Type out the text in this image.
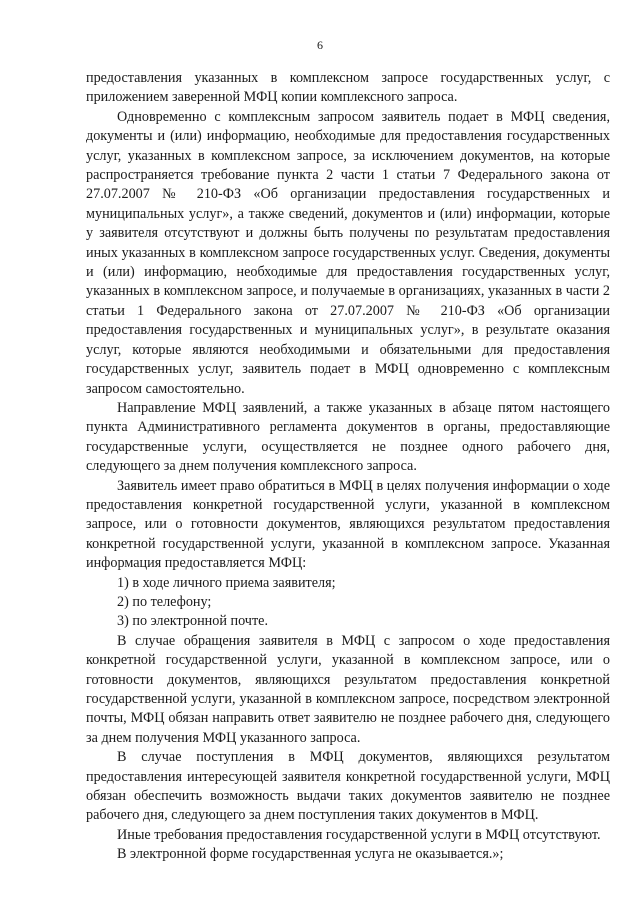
6

предоставления указанных в комплексном запросе государственных услуг, с приложением заверенной МФЦ копии комплексного запроса.

Одновременно с комплексным запросом заявитель подает в МФЦ сведения, документы и (или) информацию, необходимые для предоставления государственных услуг, указанных в комплексном запросе, за исключением документов, на которые распространяется требование пункта 2 части 1 статьи 7 Федерального закона от 27.07.2007 № 210-ФЗ «Об организации предоставления государственных и муниципальных услуг», а также сведений, документов и (или) информации, которые у заявителя отсутствуют и должны быть получены по результатам предоставления иных указанных в комплексном запросе государственных услуг. Сведения, документы и (или) информацию, необходимые для предоставления государственных услуг, указанных в комплексном запросе, и получаемые в организациях, указанных в части 2 статьи 1 Федерального закона от 27.07.2007 № 210-ФЗ «Об организации предоставления государственных и муниципальных услуг», в результате оказания услуг, которые являются необходимыми и обязательными для предоставления государственных услуг, заявитель подает в МФЦ одновременно с комплексным запросом самостоятельно.

Направление МФЦ заявлений, а также указанных в абзаце пятом настоящего пункта Административного регламента документов в органы, предоставляющие государственные услуги, осуществляется не позднее одного рабочего дня, следующего за днем получения комплексного запроса.

Заявитель имеет право обратиться в МФЦ в целях получения информации о ходе предоставления конкретной государственной услуги, указанной в комплексном запросе, или о готовности документов, являющихся результатом предоставления конкретной государственной услуги, указанной в комплексном запросе. Указанная информация предоставляется МФЦ:

1) в ходе личного приема заявителя;

2) по телефону;

3) по электронной почте.

В случае обращения заявителя в МФЦ с запросом о ходе предоставления конкретной государственной услуги, указанной в комплексном запросе, или о готовности документов, являющихся результатом предоставления конкретной государственной услуги, указанной в комплексном запросе, посредством электронной почты, МФЦ обязан направить ответ заявителю не позднее рабочего дня, следующего за днем получения МФЦ указанного запроса.

В случае поступления в МФЦ документов, являющихся результатом предоставления интересующей заявителя конкретной государственной услуги, МФЦ обязан обеспечить возможность выдачи таких документов заявителю не позднее рабочего дня, следующего за днем поступления таких документов в МФЦ.

Иные требования предоставления государственной услуги в МФЦ отсутствуют.

В электронной форме государственная услуга не оказывается.»;
